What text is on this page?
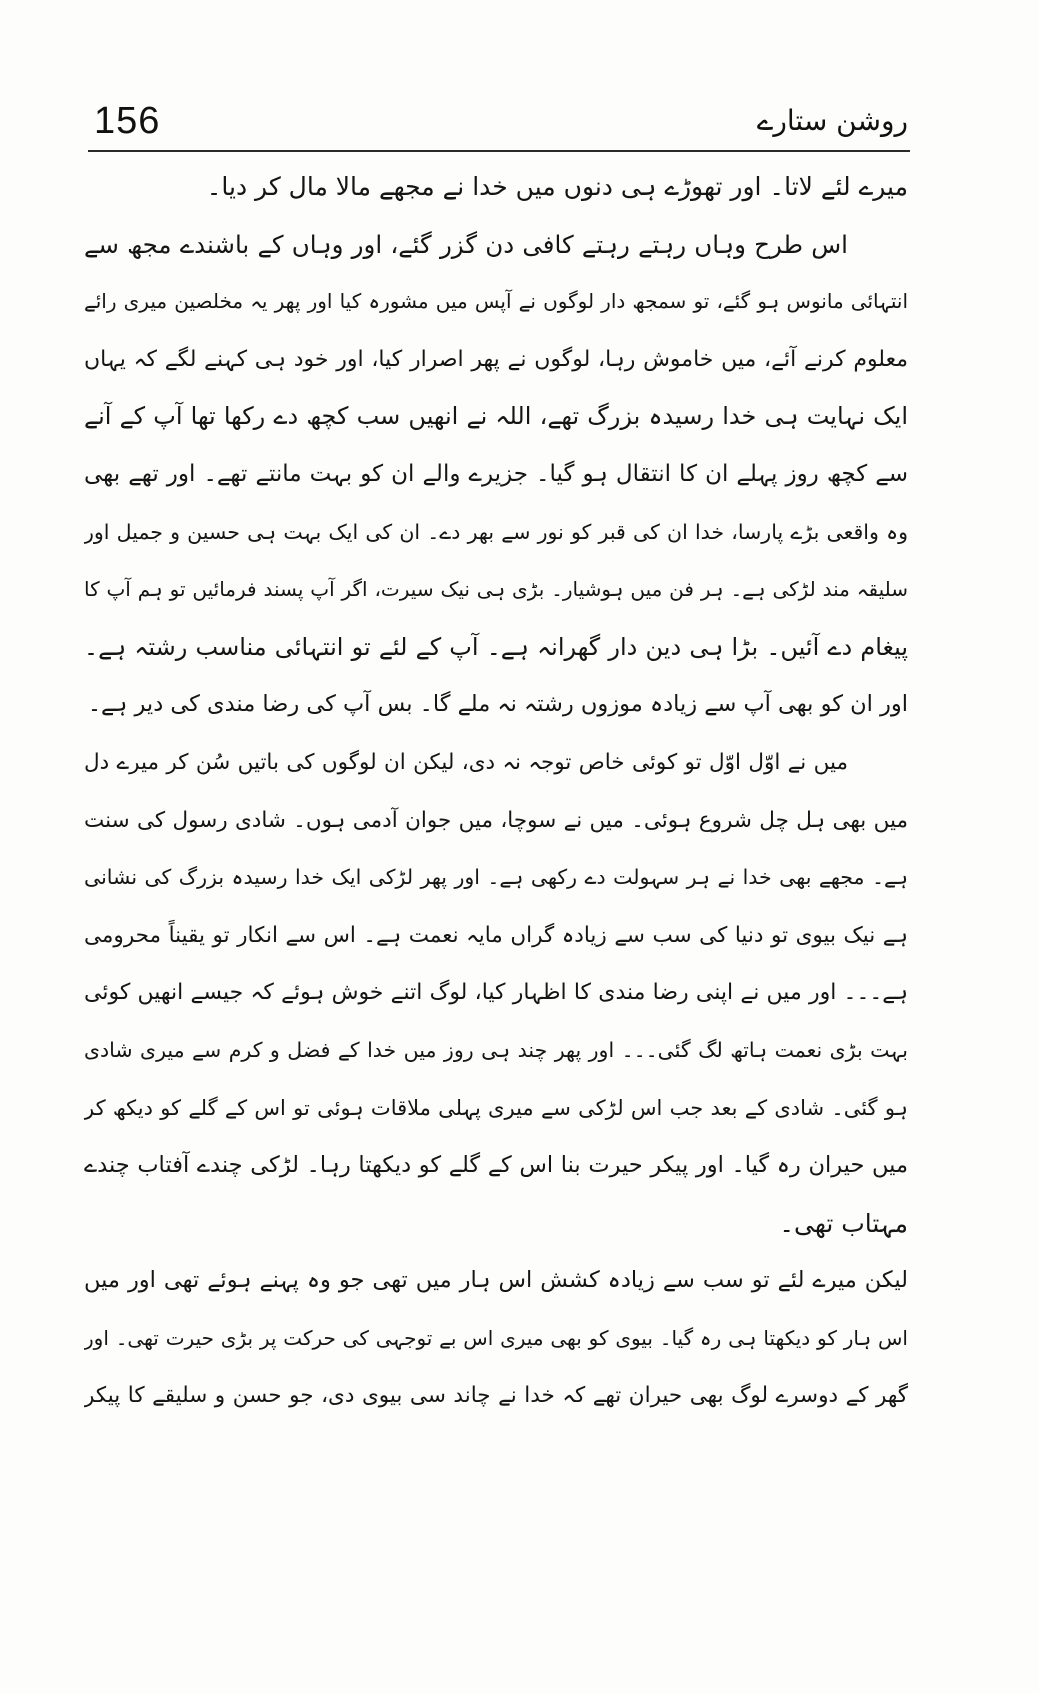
156	روشن ستارے
میرے لئے لاتا۔ اور تھوڑے ہی دنوں میں خدا نے مجھے مالا مال کر دیا۔
اس طرح وہاں رہتے رہتے کافی دن گزر گئے، اور وہاں کے باشندے مجھ سے
انتہائی مانوس ہو گئے، تو سمجھ دار لوگوں نے آپس میں مشورہ کیا اور پھر یہ مخلصین میری رائے
معلوم کرنے آئے، میں خاموش رہا، لوگوں نے پھر اصرار کیا، اور خود ہی کہنے لگے کہ یہاں
ایک نہایت ہی خدا رسیدہ بزرگ تھے، اللہ نے انھیں سب کچھ دے رکھا تھا آپ کے آنے
سے کچھ روز پہلے ان کا انتقال ہو گیا۔ جزیرے والے ان کو بہت مانتے تھے۔ اور تھے بھی
وہ واقعی بڑے پارسا، خدا ان کی قبر کو نور سے بھر دے۔ ان کی ایک بہت ہی حسین و جمیل اور
سلیقہ مند لڑکی ہے۔ ہر فن میں ہوشیار۔ بڑی ہی نیک سیرت، اگر آپ پسند فرمائیں تو ہم آپ کا
پیغام دے آئیں۔ بڑا ہی دین دار گھرانہ ہے۔ آپ کے لئے تو انتہائی مناسب رشتہ ہے۔
اور ان کو بھی آپ سے زیادہ موزوں رشتہ نہ ملے گا۔ بس آپ کی رضا مندی کی دیر ہے۔
میں نے اوّل اوّل تو کوئی خاص توجہ نہ دی، لیکن ان لوگوں کی باتیں سُن کر میرے دل
میں بھی ہل چل شروع ہوئی۔ میں نے سوچا، میں جوان آدمی ہوں۔ شادی رسول کی سنت
ہے۔ مجھے بھی خدا نے ہر سہولت دے رکھی ہے۔ اور پھر لڑکی ایک خدا رسیدہ بزرگ کی نشانی
ہے نیک بیوی تو دنیا کی سب سے زیادہ گراں مایہ نعمت ہے۔ اس سے انکار تو یقیناً محرومی
ہے۔۔۔ اور میں نے اپنی رضا مندی کا اظہار کیا، لوگ اتنے خوش ہوئے کہ جیسے انھیں کوئی
بہت بڑی نعمت ہاتھ لگ گئی۔۔۔ اور پھر چند ہی روز میں خدا کے فضل و کرم سے میری شادی
ہو گئی۔ شادی کے بعد جب اس لڑکی سے میری پہلی ملاقات ہوئی تو اس کے گلے کو دیکھ کر
میں حیران رہ گیا۔ اور پیکر حیرت بنا اس کے گلے کو دیکھتا رہا۔ لڑکی چندے آفتاب چندے
مہتاب تھی۔
لیکن میرے لئے تو سب سے زیادہ کشش اس ہار میں تھی جو وہ پہنے ہوئے تھی اور میں
اس ہار کو دیکھتا ہی رہ گیا۔ بیوی کو بھی میری اس بے توجہی کی حرکت پر بڑی حیرت تھی۔ اور
گھر کے دوسرے لوگ بھی حیران تھے کہ خدا نے چاند سی بیوی دی، جو حسن و سلیقے کا پیکر
